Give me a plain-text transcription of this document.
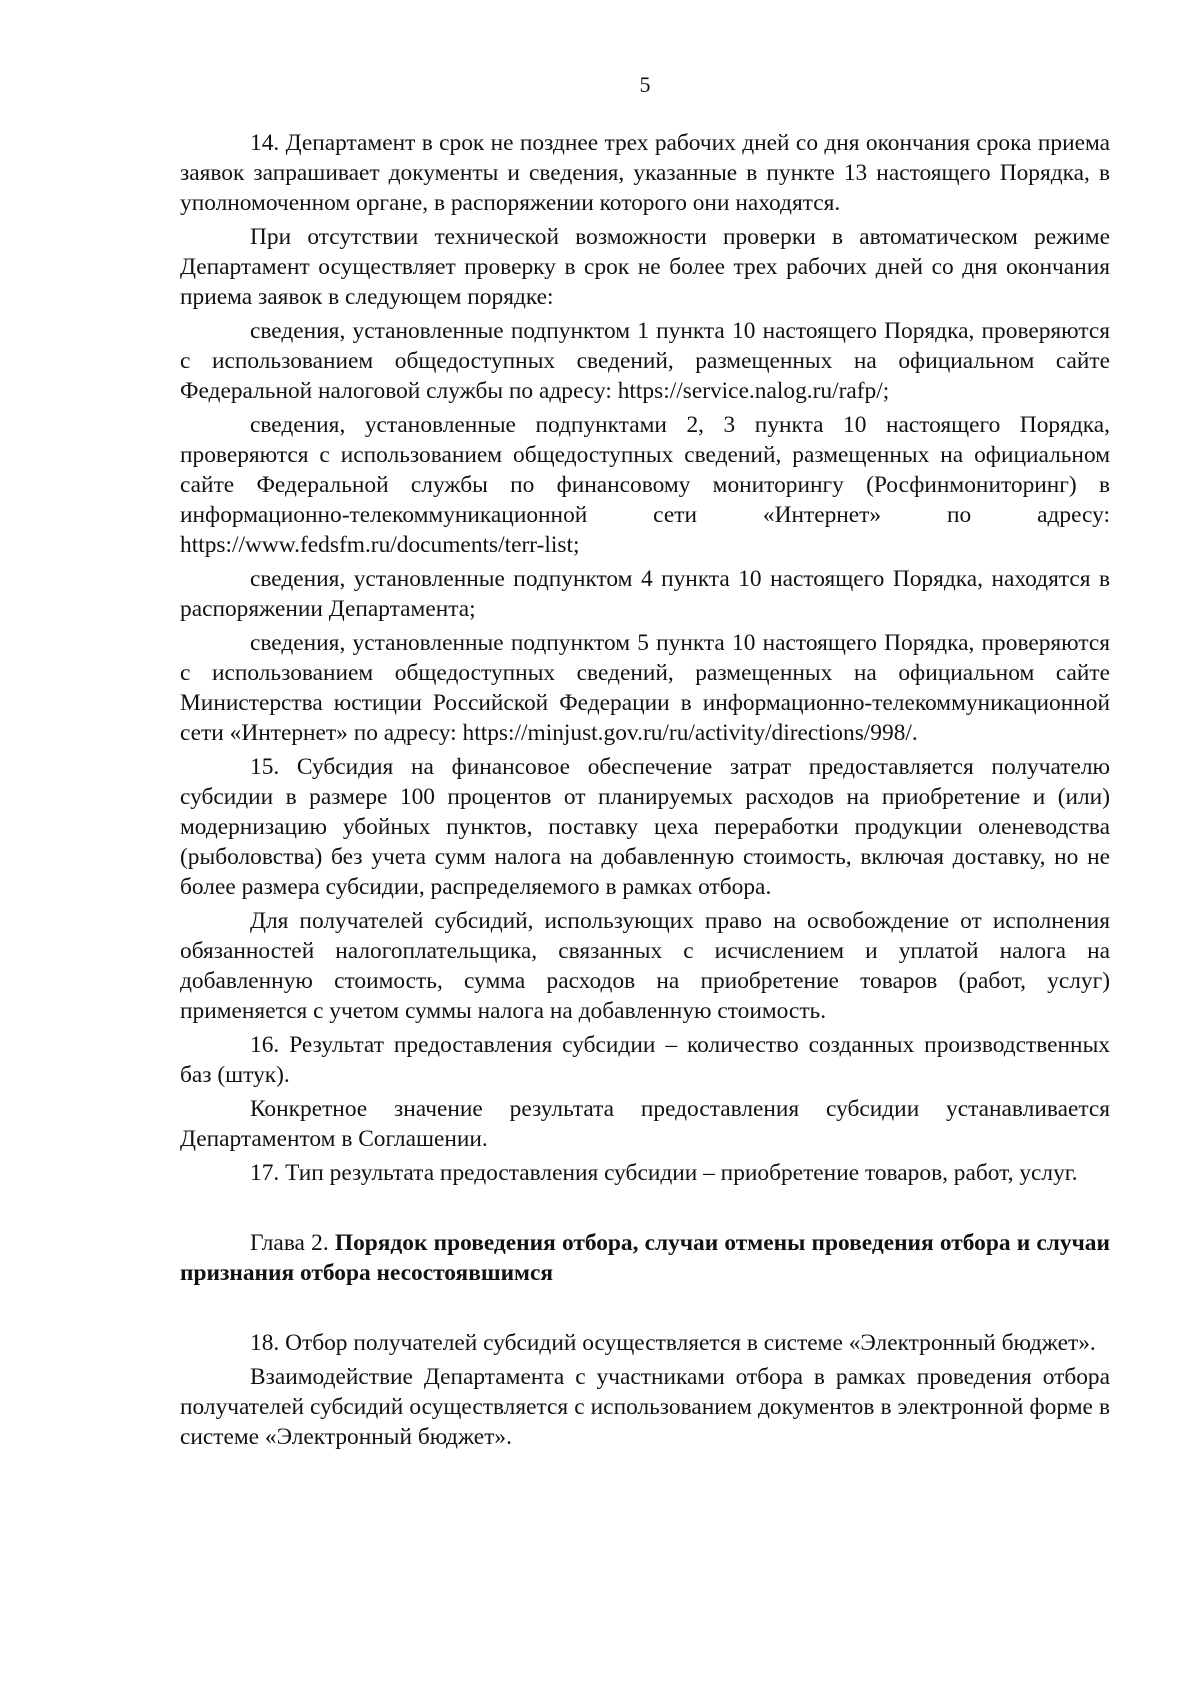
5

14. Департамент в срок не позднее трех рабочих дней со дня окончания срока приема заявок запрашивает документы и сведения, указанные в пункте 13 настоящего Порядка, в уполномоченном органе, в распоряжении которого они находятся.

При отсутствии технической возможности проверки в автоматическом режиме Департамент осуществляет проверку в срок не более трех рабочих дней со дня окончания приема заявок в следующем порядке:

сведения, установленные подпунктом 1 пункта 10 настоящего Порядка, проверяются с использованием общедоступных сведений, размещенных на официальном сайте Федеральной налоговой службы по адресу: https://service.nalog.ru/rafp/;

сведения, установленные подпунктами 2, 3 пункта 10 настоящего Порядка, проверяются с использованием общедоступных сведений, размещенных на официальном сайте Федеральной службы по финансовому мониторингу (Росфинмониторинг) в информационно-телекоммуникационной сети «Интернет» по адресу: https://www.fedsfm.ru/documents/terr-list;

сведения, установленные подпунктом 4 пункта 10 настоящего Порядка, находятся в распоряжении Департамента;

сведения, установленные подпунктом 5 пункта 10 настоящего Порядка, проверяются с использованием общедоступных сведений, размещенных на официальном сайте Министерства юстиции Российской Федерации в информационно-телекоммуникационной сети «Интернет» по адресу: https://minjust.gov.ru/ru/activity/directions/998/.

15. Субсидия на финансовое обеспечение затрат предоставляется получателю субсидии в размере 100 процентов от планируемых расходов на приобретение и (или) модернизацию убойных пунктов, поставку цеха переработки продукции оленеводства (рыболовства) без учета сумм налога на добавленную стоимость, включая доставку, но не более размера субсидии, распределяемого в рамках отбора.

Для получателей субсидий, использующих право на освобождение от исполнения обязанностей налогоплательщика, связанных с исчислением и уплатой налога на добавленную стоимость, сумма расходов на приобретение товаров (работ, услуг) применяется с учетом суммы налога на добавленную стоимость.

16. Результат предоставления субсидии – количество созданных производственных баз (штук).

Конкретное значение результата предоставления субсидии устанавливается Департаментом в Соглашении.

17. Тип результата предоставления субсидии – приобретение товаров, работ, услуг.

Глава 2. Порядок проведения отбора, случаи отмены проведения отбора и случаи признания отбора несостоявшимся

18. Отбор получателей субсидий осуществляется в системе «Электронный бюджет».

Взаимодействие Департамента с участниками отбора в рамках проведения отбора получателей субсидий осуществляется с использованием документов в электронной форме в системе «Электронный бюджет».
